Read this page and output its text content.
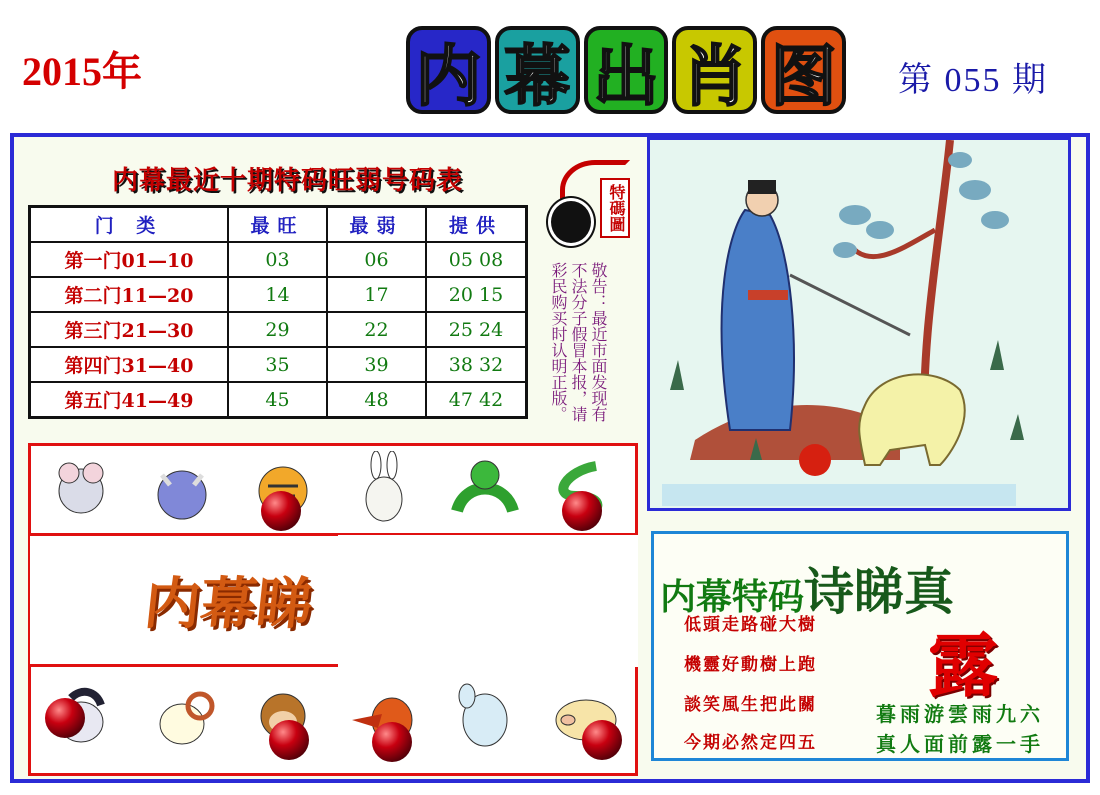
2015年	内 幕 出 肖 图 第 055 期
内幕最近十期特码旺弱号码表
门 类	最旺	最弱	提供
第一门01—10	03	06	05 08
第二门11—20	14	17	20 15
第三门21—30	29	22	25 24
第四门31—40	35	39	38 32
第五门41—49	45	48	47 42
特碼圖
敬告：最近市面发现有不法分子假冒本报，请彩民购买时认明正版。
内幕睇	内幕特码诗睇真
低頭走路碰大樹
機靈好動樹上跑
談笑風生把此關
今期必然定四五
露
暮雨游雲雨九六
真人面前露一手
